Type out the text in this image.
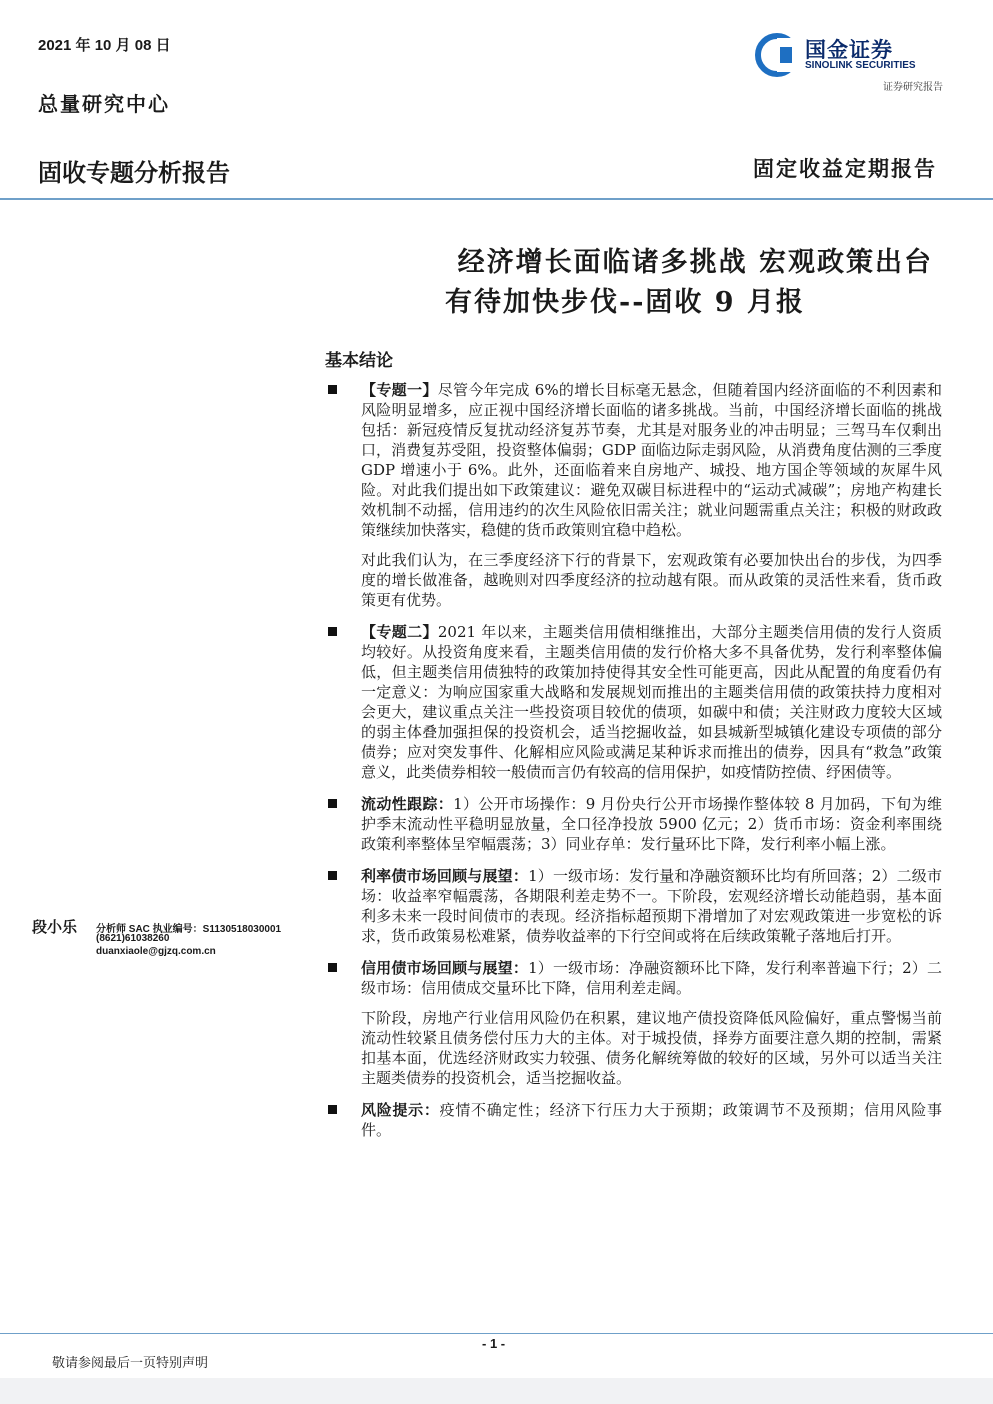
2021 年 10 月 08 日
总量研究中心
国金证券
SINOLINK SECURITIES
证券研究报告
固收专题分析报告	固定收益定期报告
经济增长面临诸多挑战 宏观政策出台
有待加快步伐--固收 9 月报
基本结论
【专题一】尽管今年完成 6%的增长目标毫无悬念，但随着国内经济面临的不利因素和风险明显增多，应正视中国经济增长面临的诸多挑战。当前，中国经济增长面临的挑战包括：新冠疫情反复扰动经济复苏节奏，尤其是对服务业的冲击明显；三驾马车仅剩出口，消费复苏受阻，投资整体偏弱；GDP 面临边际走弱风险，从消费角度估测的三季度 GDP 增速小于 6%。此外，还面临着来自房地产、城投、地方国企等领域的灰犀牛风险。对此我们提出如下政策建议：避免双碳目标进程中的“运动式减碳”；房地产构建长效机制不动摇，信用违约的次生风险依旧需关注；就业问题需重点关注；积极的财政政策继续加快落实，稳健的货币政策则宜稳中趋松。
对此我们认为，在三季度经济下行的背景下，宏观政策有必要加快出台的步伐，为四季度的增长做准备，越晚则对四季度经济的拉动越有限。而从政策的灵活性来看，货币政策更有优势。
【专题二】2021 年以来，主题类信用债相继推出，大部分主题类信用债的发行人资质均较好。从投资角度来看，主题类信用债的发行价格大多不具备优势，发行利率整体偏低，但主题类信用债独特的政策加持使得其安全性可能更高，因此从配置的角度看仍有一定意义：为响应国家重大战略和发展规划而推出的主题类信用债的政策扶持力度相对会更大，建议重点关注一些投资项目较优的债项，如碳中和债；关注财政力度较大区域的弱主体叠加强担保的投资机会，适当挖掘收益，如县城新型城镇化建设专项债的部分债券；应对突发事件、化解相应风险或满足某种诉求而推出的债券，因具有“救急”政策意义，此类债券相较一般债而言仍有较高的信用保护，如疫情防控债、纾困债等。
流动性跟踪：1）公开市场操作：9 月份央行公开市场操作整体较 8 月加码，下旬为维护季末流动性平稳明显放量，全口径净投放 5900 亿元；2）货币市场：资金利率围绕政策利率整体呈窄幅震荡；3）同业存单：发行量环比下降，发行利率小幅上涨。
利率债市场回顾与展望：1）一级市场：发行量和净融资额环比均有所回落；2）二级市场：收益率窄幅震荡，各期限利差走势不一。下阶段，宏观经济增长动能趋弱，基本面利多未来一段时间债市的表现。经济指标超预期下滑增加了对宏观政策进一步宽松的诉求，货币政策易松难紧，债券收益率的下行空间或将在后续政策靴子落地后打开。
信用债市场回顾与展望：1）一级市场：净融资额环比下降，发行利率普遍下行；2）二级市场：信用债成交量环比下降，信用利差走阔。
下阶段，房地产行业信用风险仍在积累，建议地产债投资降低风险偏好，重点警惕当前流动性较紧且债务偿付压力大的主体。对于城投债，择券方面要注意久期的控制，需紧扣基本面，优选经济财政实力较强、债务化解统筹做的较好的区域，另外可以适当关注主题类债券的投资机会，适当挖掘收益。
风险提示：疫情不确定性；经济下行压力大于预期；政策调节不及预期；信用风险事件。
段小乐 分析师 SAC 执业编号：S1130518030001
(8621)61038260
duanxiaole@gjzq.com.cn
- 1 -
敬请参阅最后一页特别声明
